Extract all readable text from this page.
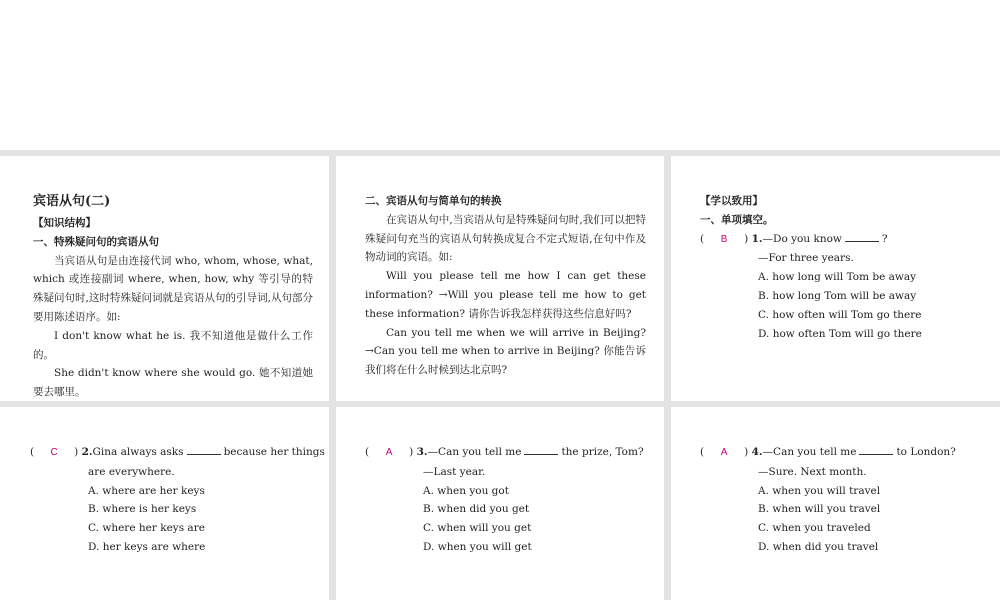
宾语从句(二)
【知识结构】
一、特殊疑问句的宾语从句
当宾语从句是由连接代词 who, whom, whose, what, which 或连接副词 where, when, how, why 等引导的特殊疑问句时,这时特殊疑问词就是宾语从句的引导词,从句部分要用陈述语序。如:
I don't know what he is. 我不知道他是做什么工作的。
She didn't know where she would go. 她不知道她要去哪里。
二、宾语从句与简单句的转换
在宾语从句中,当宾语从句是特殊疑问句时,我们可以把特殊疑问句充当的宾语从句转换成复合不定式短语,在句中作及物动词的宾语。如:
Will you please tell me how I can get these information? →Will you please tell me how to get these information? 请你告诉我怎样获得这些信息好吗?
Can you tell me when we will arrive in Beijing? →Can you tell me when to arrive in Beijing? 你能告诉我们将在什么时候到达北京吗?
【学以致用】
一、单项填空。
( B ) 1.—Do you know	?
—For three years.
A. how long will Tom be away
B. how long Tom will be away
C. how often will Tom go there
D. how often Tom will go there
( C ) 2.Gina always asks	because her things
are everywhere.
A. where are her keys
B. where is her keys
C. where her keys are
D. her keys are where
( A ) 3.—Can you tell me	the prize, Tom?
—Last year.
A. when you got
B. when did you get
C. when will you get
D. when you will get
( A ) 4.—Can you tell me	to London?
—Sure. Next month.
A. when you will travel
B. when will you travel
C. when you traveled
D. when did you travel
